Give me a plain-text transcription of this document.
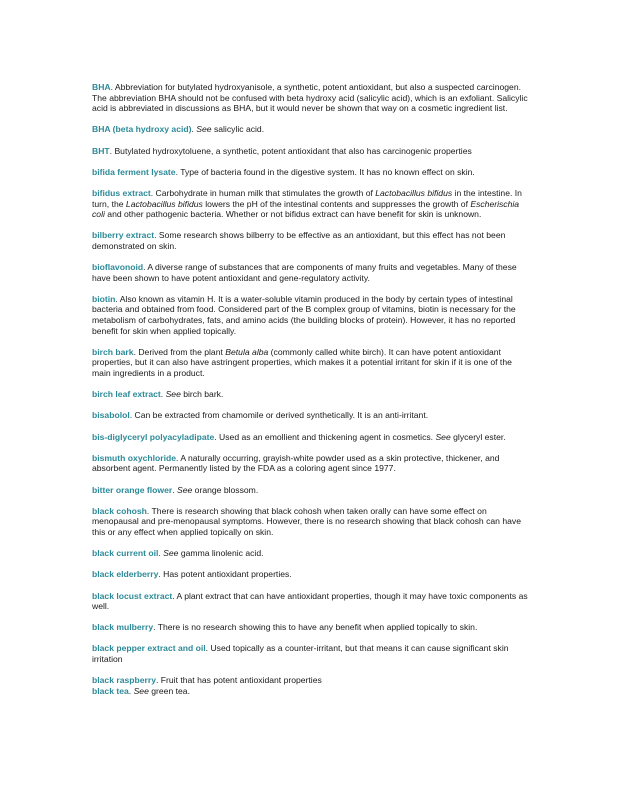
BHA. Abbreviation for butylated hydroxyanisole, a synthetic, potent antioxidant, but also a suspected carcinogen. The abbreviation BHA should not be confused with beta hydroxy acid (salicylic acid), which is an exfoliant. Salicylic acid is abbreviated in discussions as BHA, but it would never be shown that way on a cosmetic ingredient list.

BHA (beta hydroxy acid). See salicylic acid.

BHT. Butylated hydroxytoluene, a synthetic, potent antioxidant that also has carcinogenic properties

bifida ferment lysate. Type of bacteria found in the digestive system. It has no known effect on skin.

bifidus extract. Carbohydrate in human milk that stimulates the growth of Lactobacillus bifidus in the intestine. In turn, the Lactobacillus bifidus lowers the pH of the intestinal contents and suppresses the growth of Escherischia coli and other pathogenic bacteria. Whether or not bifidus extract can have benefit for skin is unknown.

bilberry extract. Some research shows bilberry to be effective as an antioxidant, but this effect has not been demonstrated on skin.

bioflavonoid. A diverse range of substances that are components of many fruits and vegetables. Many of these have been shown to have potent antioxidant and gene-regulatory activity.

biotin. Also known as vitamin H. It is a water-soluble vitamin produced in the body by certain types of intestinal bacteria and obtained from food. Considered part of the B complex group of vitamins, biotin is necessary for the metabolism of carbohydrates, fats, and amino acids (the building blocks of protein). However, it has no reported benefit for skin when applied topically.

birch bark. Derived from the plant Betula alba (commonly called white birch). It can have potent antioxidant properties, but it can also have astringent properties, which makes it a potential irritant for skin if it is one of the main ingredients in a product.

birch leaf extract. See birch bark.

bisabolol. Can be extracted from chamomile or derived synthetically. It is an anti-irritant.

bis-diglyceryl polyacyladipate. Used as an emollient and thickening agent in cosmetics. See glyceryl ester.

bismuth oxychloride. A naturally occurring, grayish-white powder used as a skin protective, thickener, and absorbent agent. Permanently listed by the FDA as a coloring agent since 1977.

bitter orange flower. See orange blossom.

black cohosh. There is research showing that black cohosh when taken orally can have some effect on menopausal and pre-menopausal symptoms. However, there is no research showing that black cohosh can have this or any effect when applied topically on skin.

black current oil. See gamma linolenic acid.

black elderberry. Has potent antioxidant properties.

black locust extract. A plant extract that can have antioxidant properties, though it may have toxic components as well.

black mulberry. There is no research showing this to have any benefit when applied topically to skin.

black pepper extract and oil. Used topically as a counter-irritant, but that means it can cause significant skin irritation

black raspberry. Fruit that has potent antioxidant properties

black tea. See green tea.
